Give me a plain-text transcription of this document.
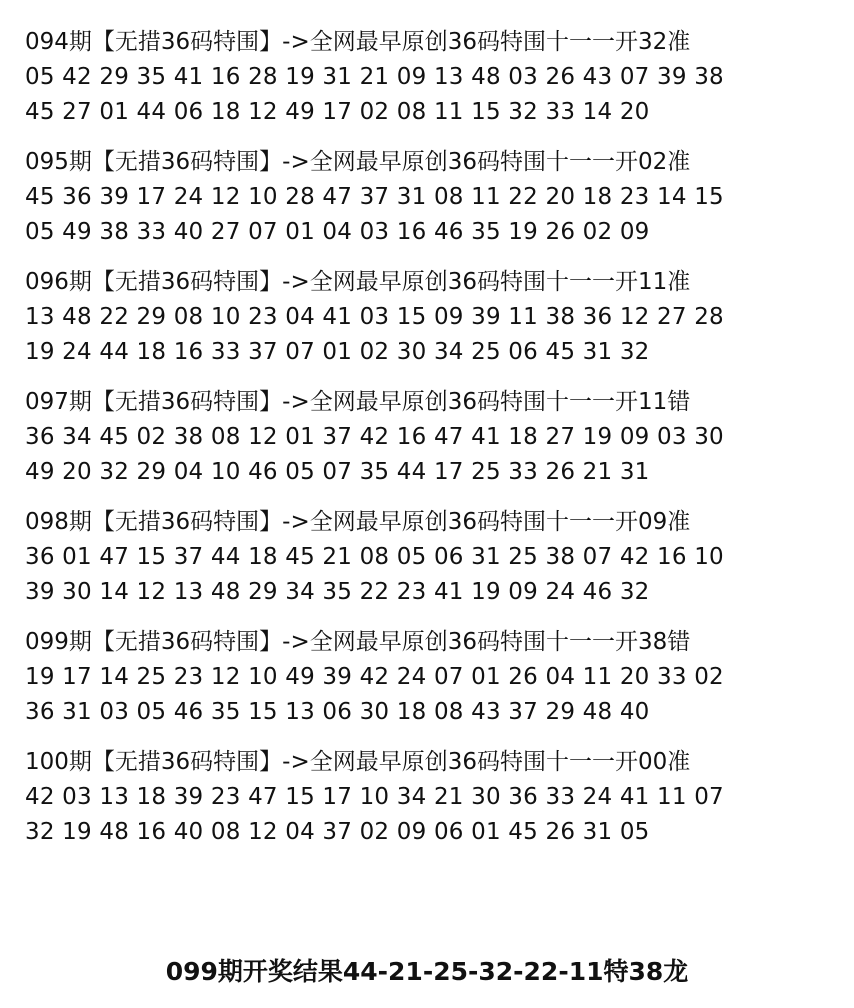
094期【无措36码特围】->全网最早原创36码特围十一一开32准
05 42 29 35 41 16 28 19 31 21 09 13 48 03 26 43 07 39 38
45 27 01 44 06 18 12 49 17 02 08 11 15 32 33 14 20
095期【无措36码特围】->全网最早原创36码特围十一一开02准
45 36 39 17 24 12 10 28 47 37 31 08 11 22 20 18 23 14 15
05 49 38 33 40 27 07 01 04 03 16 46 35 19 26 02 09
096期【无措36码特围】->全网最早原创36码特围十一一开11准
13 48 22 29 08 10 23 04 41 03 15 09 39 11 38 36 12 27 28
19 24 44 18 16 33 37 07 01 02 30 34 25 06 45 31 32
097期【无措36码特围】->全网最早原创36码特围十一一开11错
36 34 45 02 38 08 12 01 37 42 16 47 41 18 27 19 09 03 30
49 20 32 29 04 10 46 05 07 35 44 17 25 33 26 21 31
098期【无措36码特围】->全网最早原创36码特围十一一开09准
36 01 47 15 37 44 18 45 21 08 05 06 31 25 38 07 42 16 10
39 30 14 12 13 48 29 34 35 22 23 41 19 09 24 46 32
099期【无措36码特围】->全网最早原创36码特围十一一开38错
19 17 14 25 23 12 10 49 39 42 24 07 01 26 04 11 20 33 02
36 31 03 05 46 35 15 13 06 30 18 08 43 37 29 48 40
100期【无措36码特围】->全网最早原创36码特围十一一开00准
42 03 13 18 39 23 47 15 17 10 34 21 30 36 33 24 41 11 07
32 19 48 16 40 08 12 04 37 02 09 06 01 45 26 31 05
099期开奖结果44-21-25-32-22-11特38龙
